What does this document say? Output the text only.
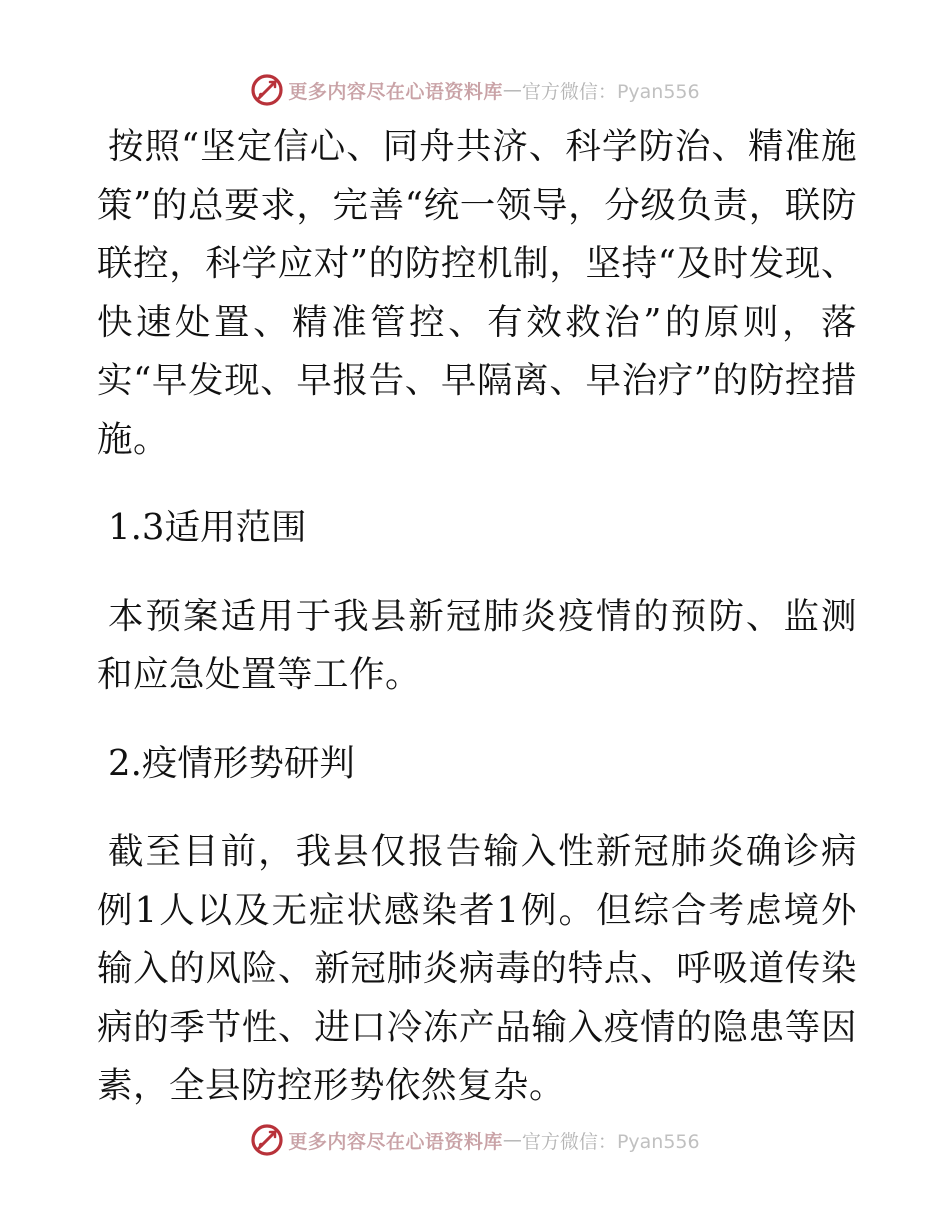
更多内容尽在心语资料库 — 官方微信：Pyan556

按照“坚定信心、同舟共济、科学防治、精准施策”的总要求，完善“统一领导，分级负责，联防联控，科学应对”的防控机制，坚持“及时发现、快速处置、精准管控、有效救治”的原则，落实“早发现、早报告、早隔离、早治疗”的防控措施。

1.3适用范围

本预案适用于我县新冠肺炎疫情的预防、监测和应急处置等工作。

2.疫情形势研判

截至目前，我县仅报告输入性新冠肺炎确诊病例1人以及无症状感染者1例。但综合考虑境外输入的风险、新冠肺炎病毒的特点、呼吸道传染病的季节性、进口冷冻产品输入疫情的隐患等因素，全县防控形势依然复杂。

更多内容尽在心语资料库 — 官方微信：Pyan556
